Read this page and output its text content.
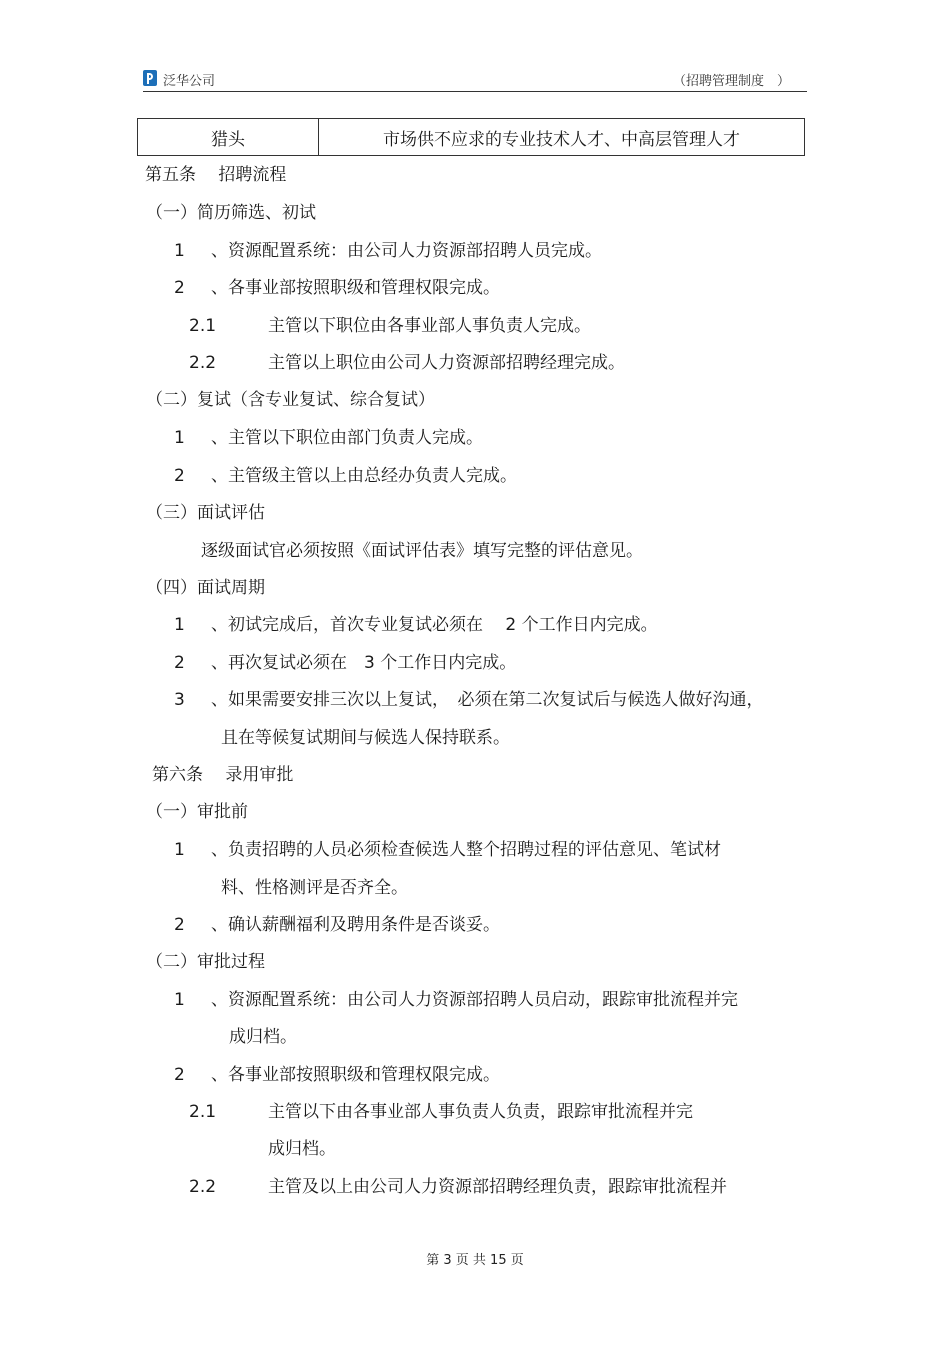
泛华公司	（招聘管理制度　）
猎头	市场供不应求的专业技术人才、中高层管理人才
第五条　 招聘流程
（一）简历筛选、初试
1 、资源配置系统：由公司人力资源部招聘人员完成。
2 、各事业部按照职级和管理权限完成。
2.1	主管以下职位由各事业部人事负责人完成。
2.2	主管以上职位由公司人力资源部招聘经理完成。
（二）复试（含专业复试、综合复试）
1 、主管以下职位由部门负责人完成。
2 、主管级主管以上由总经办负责人完成。
（三）面试评估
逐级面试官必须按照《面试评估表》填写完整的评估意见。
（四）面试周期
1 、初试完成后，首次专业复试必须在　 2 个工作日内完成。
2 、再次复试必须在　3 个工作日内完成。
3 、如果需要安排三次以上复试，　必须在第二次复试后与候选人做好沟通，
且在等候复试期间与候选人保持联系。
第六条　 录用审批
（一）审批前
1 、负责招聘的人员必须检查候选人整个招聘过程的评估意见、笔试材
料、性格测评是否齐全。
2 、确认薪酬福利及聘用条件是否谈妥。
（二）审批过程
1 、资源配置系统：由公司人力资源部招聘人员启动，跟踪审批流程并完
成归档。
2 、各事业部按照职级和管理权限完成。
2.1	主管以下由各事业部人事负责人负责，跟踪审批流程并完
成归档。
2.2	主管及以上由公司人力资源部招聘经理负责，跟踪审批流程并
第 3 页 共 15 页
